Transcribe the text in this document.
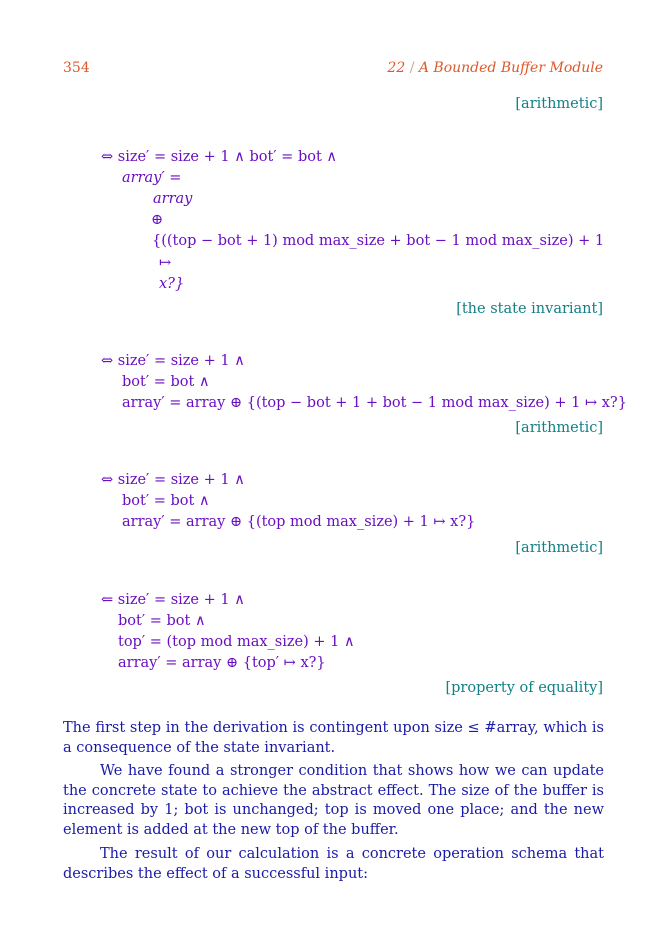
354	22 / A Bounded Buffer Module
[arithmetic]
⇔ size′ = size + 1 ∧ bot′ = bot ∧
array′ =
array
⊕
{((top − bot + 1) mod max_size + bot − 1 mod max_size) + 1
↦
x?}
[the state invariant]
⇔ size′ = size + 1 ∧
bot′ = bot ∧
array′ = array ⊕ {(top − bot + 1 + bot − 1 mod max_size) + 1 ↦ x?}
[arithmetic]
⇔ size′ = size + 1 ∧
bot′ = bot ∧
array′ = array ⊕ {(top mod max_size) + 1 ↦ x?}
[arithmetic]
⇐ size′ = size + 1 ∧
bot′ = bot ∧
top′ = (top mod max_size) + 1 ∧
array′ = array ⊕ {top′ ↦ x?}
[property of equality]

The first step in the derivation is contingent upon size ≤ #array, which is a consequence of the state invariant.

We have found a stronger condition that shows how we can update the concrete state to achieve the abstract effect. The size of the buffer is increased by 1; bot is unchanged; top is moved one place; and the new element is added at the new top of the buffer.

The result of our calculation is a concrete operation schema that describes the effect of a successful input:
